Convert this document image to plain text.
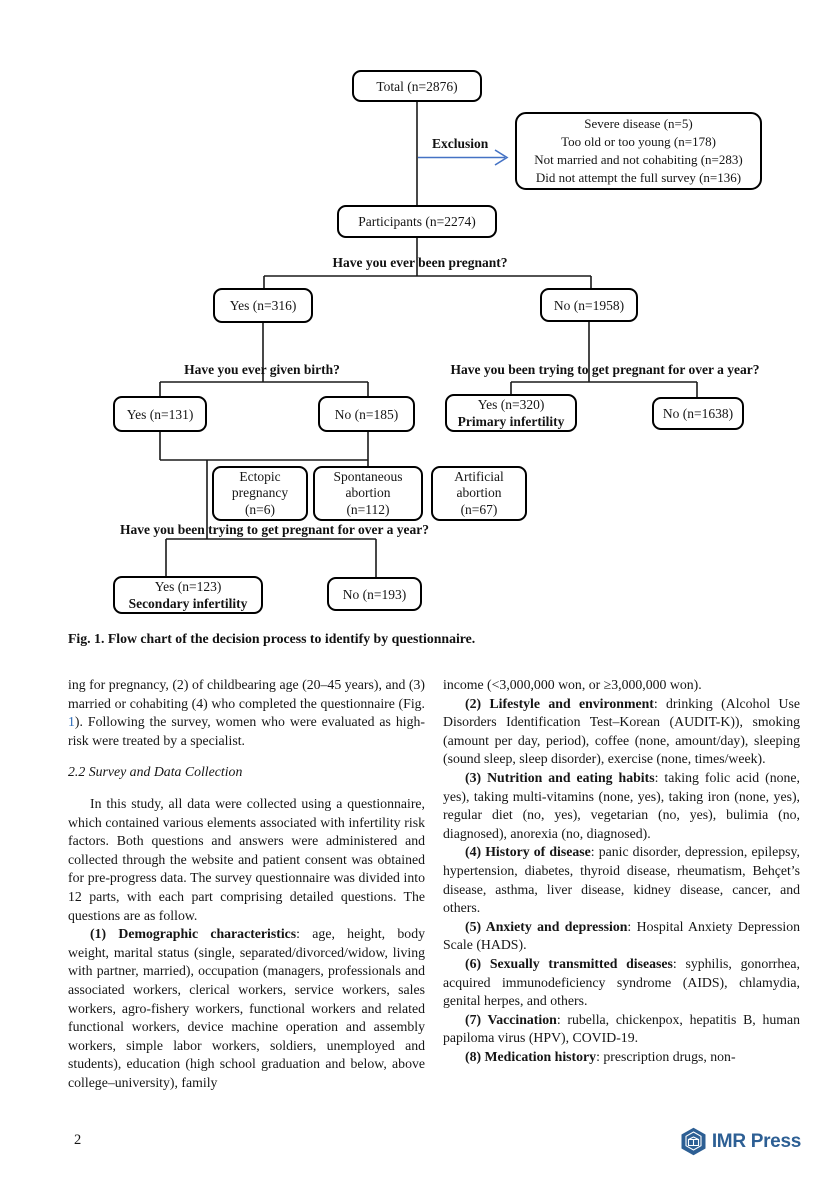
Total (n=2876)
Exclusion
Severe disease (n=5)
Too old or too young (n=178)
Not married and not cohabiting (n=283)
Did not attempt the full survey (n=136)
Participants (n=2274)
Have you ever been pregnant?
Yes (n=316)	No (n=1958)
Have you ever given birth?	Have you been trying to get pregnant for over a year?
Yes (n=131)	No (n=185)
Yes (n=320)
Primary infertility
No (n=1638)
Ectopic
pregnancy
(n=6)
Spontaneous
abortion
(n=112)
Artificial
abortion
(n=67)
Have you been trying to get pregnant for over a year?
Yes (n=123)
Secondary infertility
No (n=193)
Fig. 1. Flow chart of the decision process to identify by questionnaire.

ing for pregnancy, (2) of childbearing age (20–45 years), and (3) married or cohabiting (4) who completed the questionnaire (Fig. 1). Following the survey, women who were evaluated as high-risk were treated by a specialist.

2.2 Survey and Data Collection

In this study, all data were collected using a questionnaire, which contained various elements associated with infertility risk factors. Both questions and answers were administered and collected through the website and patient consent was obtained for pre-progress data. The survey questionnaire was divided into 12 parts, with each part comprising detailed questions. The questions are as follow.

(1) Demographic characteristics: age, height, body weight, marital status (single, separated/divorced/widow, living with partner, married), occupation (managers, professionals and associated workers, clerical workers, service workers, sales workers, agro-fishery workers, functional workers and related functional workers, device machine operation and assembly workers, simple labor workers, soldiers, unemployed and students), education (high school graduation and below, above college–university), family

income (<3,000,000 won, or ≥3,000,000 won).

(2) Lifestyle and environment: drinking (Alcohol Use Disorders Identification Test–Korean (AUDIT-K)), smoking (amount per day, period), coffee (none, amount/day), sleeping (sound sleep, sleep disorder), exercise (none, times/week).

(3) Nutrition and eating habits: taking folic acid (none, yes), taking multi-vitamins (none, yes), taking iron (none, yes), regular diet (no, yes), vegetarian (no, yes), bulimia (no, diagnosed), anorexia (no, diagnosed).

(4) History of disease: panic disorder, depression, epilepsy, hypertension, diabetes, thyroid disease, rheumatism, Behçet’s disease, asthma, liver disease, kidney disease, cancer, and others.

(5) Anxiety and depression: Hospital Anxiety Depression Scale (HADS).

(6) Sexually transmitted diseases: syphilis, gonorrhea, acquired immunodeficiency syndrome (AIDS), chlamydia, genital herpes, and others.

(7) Vaccination: rubella, chickenpox, hepatitis B, human papiloma virus (HPV), COVID-19.

(8) Medication history: prescription drugs, non-

2	IMR Press
